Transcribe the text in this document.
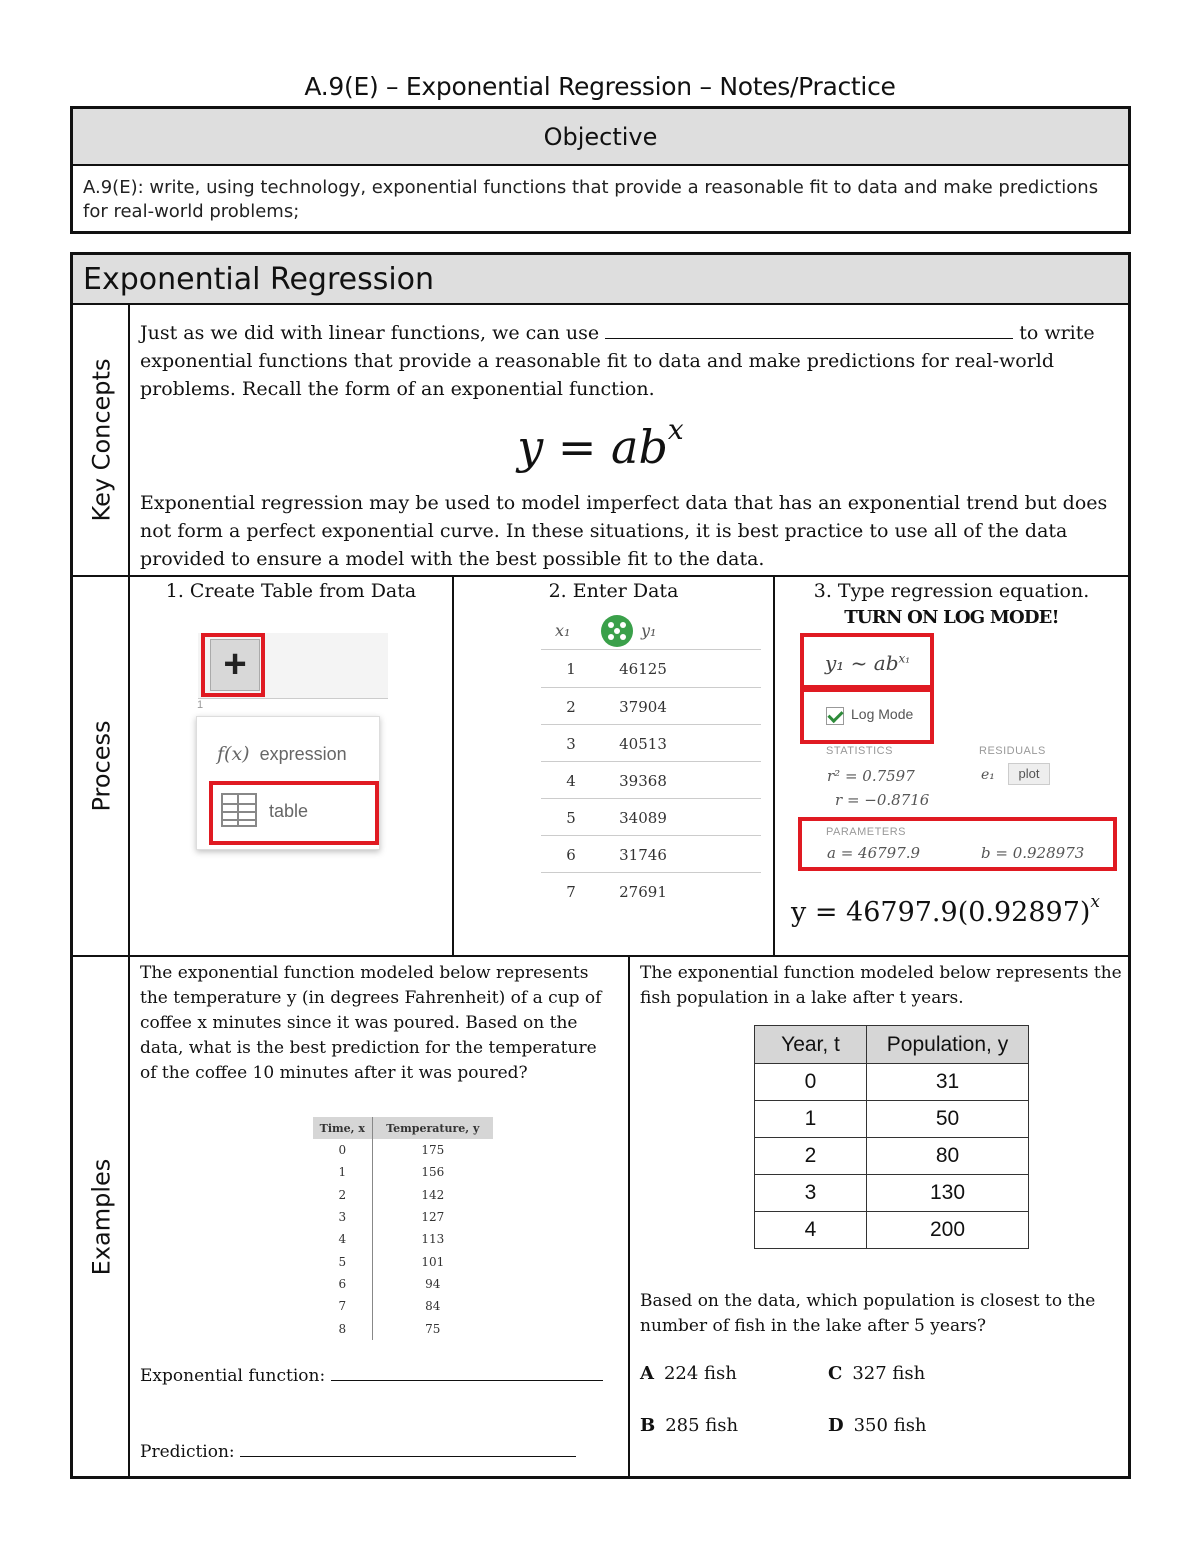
A.9(E) – Exponential Regression – Notes/Practice
Objective
A.9(E): write, using technology, exponential functions that provide a reasonable fit to data and make predictions for real-world problems;
Exponential Regression
Key Concepts
Process
Examples
Just as we did with linear functions, we can use	to write exponential functions that provide a reasonable fit to data and make predictions for real-world problems. Recall the form of an exponential function.
$y = ab^x$
Exponential regression may be used to model imperfect data that has an exponential trend but does not form a perfect exponential curve. In these situations, it is best practice to use all of the data provided to ensure a model with the best possible fit to the data.
1. Create Table from Data
+
1
f(x) expression
table
2. Enter Data
x₁	y₁
1	46125
2	37904
3	40513
4	39368
5	34089
6	31746
7	27691
3. Type regression equation.
TURN ON LOG MODE!
y₁ ~ $ab^{x_1}$
Log Mode
STATISTICS	RESIDUALS
r² = 0.7597
r = −0.8716
e₁	plot
PARAMETERS
a = 46797.9	b = 0.928973
$y = 46797.9(0.92897)^x$
The exponential function modeled below represents the temperature y (in degrees Fahrenheit) of a cup of coffee x minutes since it was poured. Based on the data, what is the best prediction for the temperature of the coffee 10 minutes after it was poured?
Time, x	Temperature, y
0	175
1	156
2	142
3	127
4	113
5	101
6	94
7	84
8	75
Exponential function:
Prediction:
The exponential function modeled below represents the fish population in a lake after t years.
Year, t	Population, y
0	31
1	50
2	80
3	130
4	200
Based on the data, which population is closest to the number of fish in the lake after 5 years?
A 224 fish	C 327 fish
B 285 fish	D 350 fish
